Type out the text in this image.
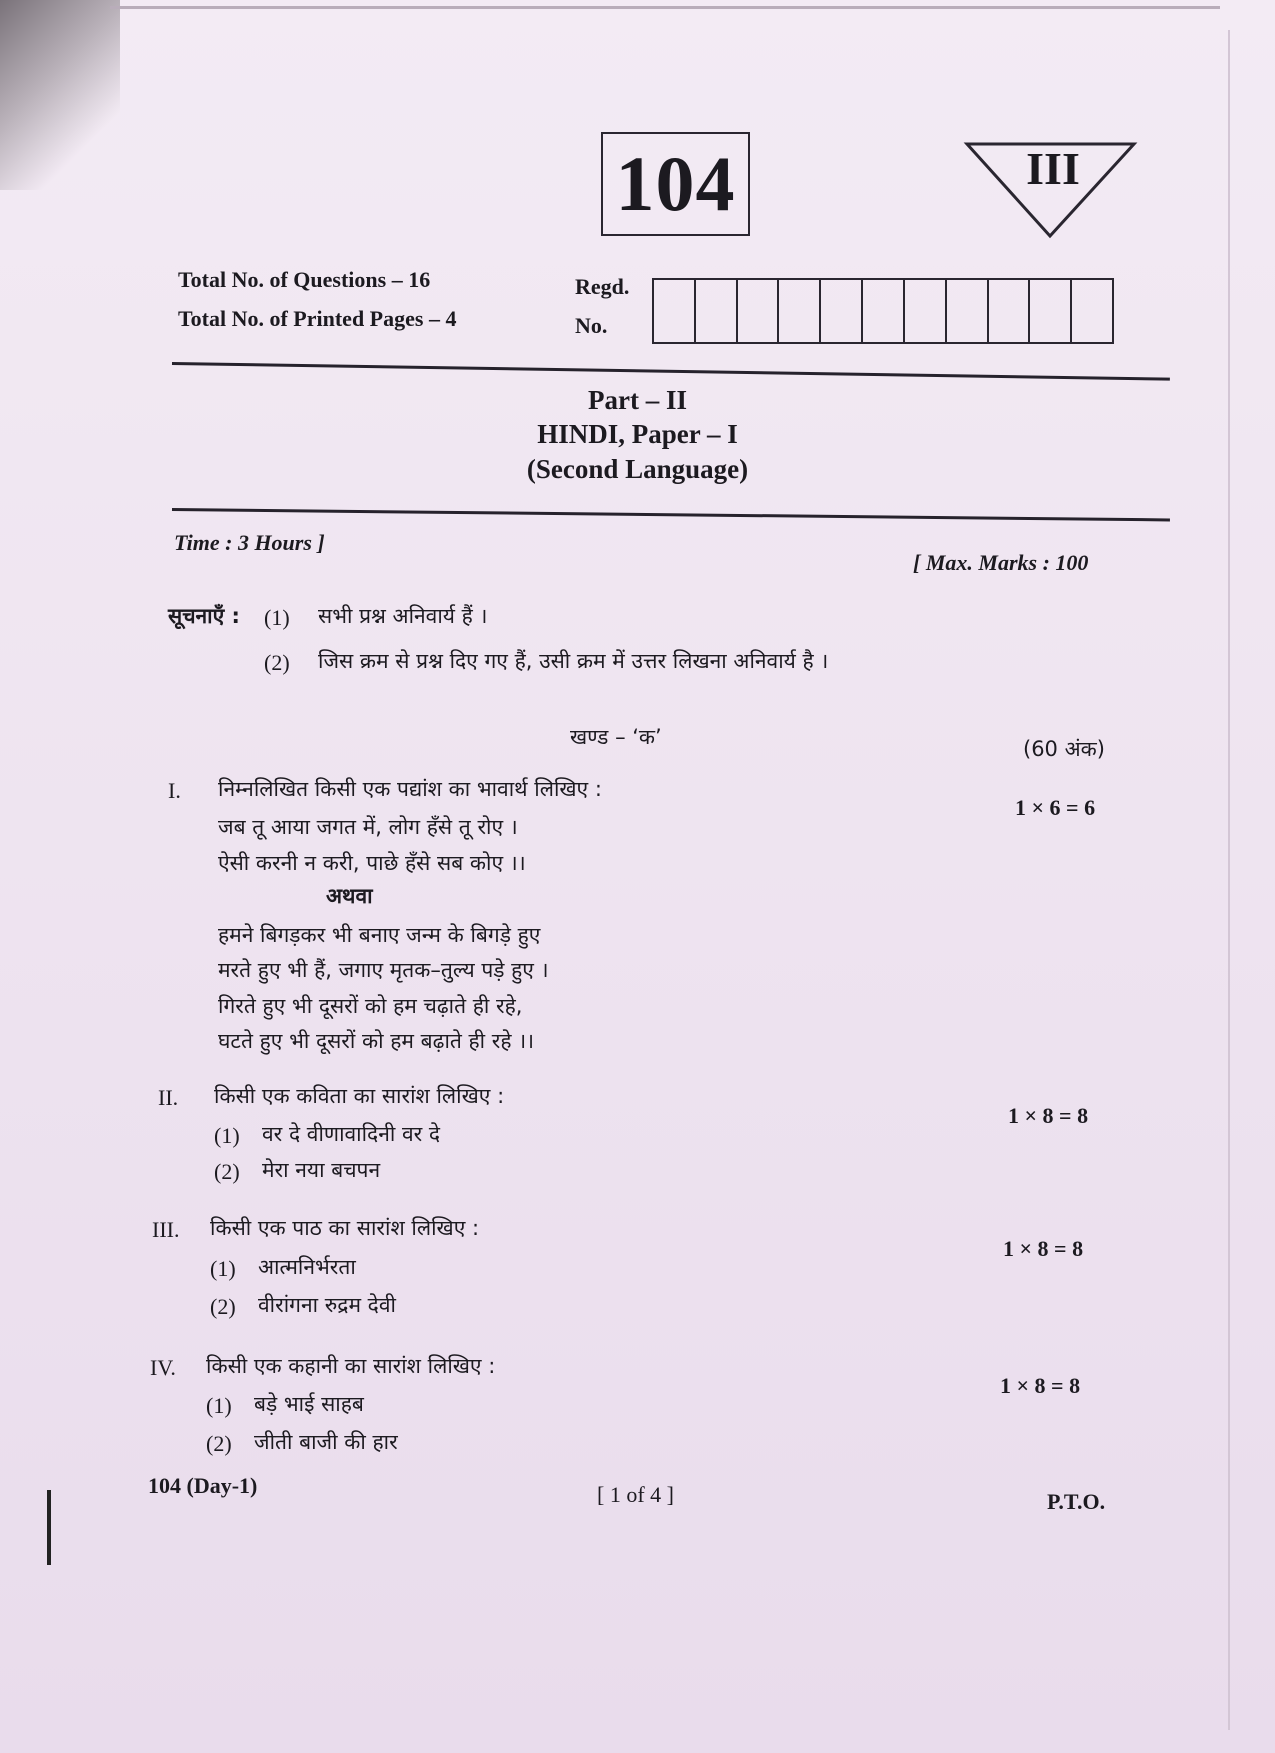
104	III
Total No. of Questions – 16
Total No. of Printed Pages – 4
Regd.
No.
Part – II
HINDI, Paper – I
(Second Language)
Time : 3 Hours ]
[ Max. Marks : 100
सूचनाएँ : (1) सभी प्रश्न अनिवार्य हैं ।
(2) जिस क्रम से प्रश्न दिए गए हैं, उसी क्रम में उत्तर लिखना अनिवार्य है ।
खण्ड – ‘क’	(60 अंक)
I. निम्नलिखित किसी एक पद्यांश का भावार्थ लिखिए :
1 × 6 = 6
जब तू आया जगत में, लोग हँसे तू रोए ।
ऐसी करनी न करी, पाछे हँसे सब कोए ।।
अथवा
हमने बिगड़कर भी बनाए जन्म के बिगड़े हुए
मरते हुए भी हैं, जगाए मृतक–तुल्य पड़े हुए ।
गिरते हुए भी दूसरों को हम चढ़ाते ही रहे,
घटते हुए भी दूसरों को हम बढ़ाते ही रहे ।।
II. किसी एक कविता का सारांश लिखिए :
1 × 8 = 8
(1) वर दे वीणावादिनी वर दे
(2) मेरा नया बचपन
III. किसी एक पाठ का सारांश लिखिए :
1 × 8 = 8
(1) आत्मनिर्भरता
(2) वीरांगना रुद्रम देवी
IV. किसी एक कहानी का सारांश लिखिए :
1 × 8 = 8
(1) बड़े भाई साहब
(2) जीती बाजी की हार
104 (Day-1)	[ 1 of 4 ]	P.T.O.
